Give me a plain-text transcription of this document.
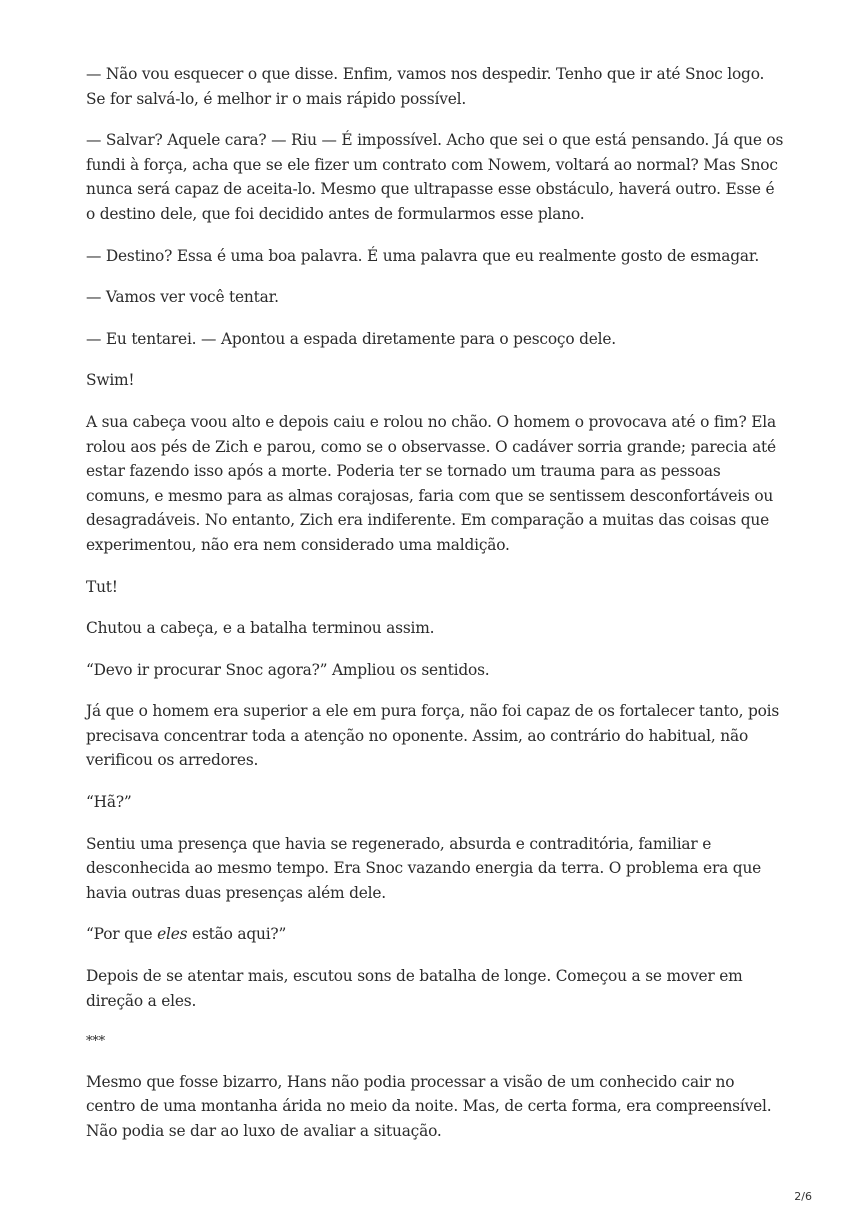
— Não vou esquecer o que disse. Enfim, vamos nos despedir. Tenho que ir até Snoc logo. Se for salvá-lo, é melhor ir o mais rápido possível.

— Salvar? Aquele cara? — Riu — É impossível. Acho que sei o que está pensando. Já que os fundi à força, acha que se ele fizer um contrato com Nowem, voltará ao normal? Mas Snoc nunca será capaz de aceita-lo. Mesmo que ultrapasse esse obstáculo, haverá outro. Esse é o destino dele, que foi decidido antes de formularmos esse plano.

— Destino? Essa é uma boa palavra. É uma palavra que eu realmente gosto de esmagar.

— Vamos ver você tentar.

— Eu tentarei. — Apontou a espada diretamente para o pescoço dele.

Swim!

A sua cabeça voou alto e depois caiu e rolou no chão. O homem o provocava até o fim? Ela rolou aos pés de Zich e parou, como se o observasse. O cadáver sorria grande; parecia até estar fazendo isso após a morte. Poderia ter se tornado um trauma para as pessoas comuns, e mesmo para as almas corajosas, faria com que se sentissem desconfortáveis ou desagradáveis. No entanto, Zich era indiferente. Em comparação a muitas das coisas que experimentou, não era nem considerado uma maldição.

Tut!

Chutou a cabeça, e a batalha terminou assim.

“Devo ir procurar Snoc agora?” Ampliou os sentidos.

Já que o homem era superior a ele em pura força, não foi capaz de os fortalecer tanto, pois precisava concentrar toda a atenção no oponente. Assim, ao contrário do habitual, não verificou os arredores.

“Hã?”

Sentiu uma presença que havia se regenerado, absurda e contraditória, familiar e desconhecida ao mesmo tempo. Era Snoc vazando energia da terra. O problema era que havia outras duas presenças além dele.

“Por que eles estão aqui?”

Depois de se atentar mais, escutou sons de batalha de longe. Começou a se mover em direção a eles.

***

Mesmo que fosse bizarro, Hans não podia processar a visão de um conhecido cair no centro de uma montanha árida no meio da noite. Mas, de certa forma, era compreensível. Não podia se dar ao luxo de avaliar a situação.

2/6
